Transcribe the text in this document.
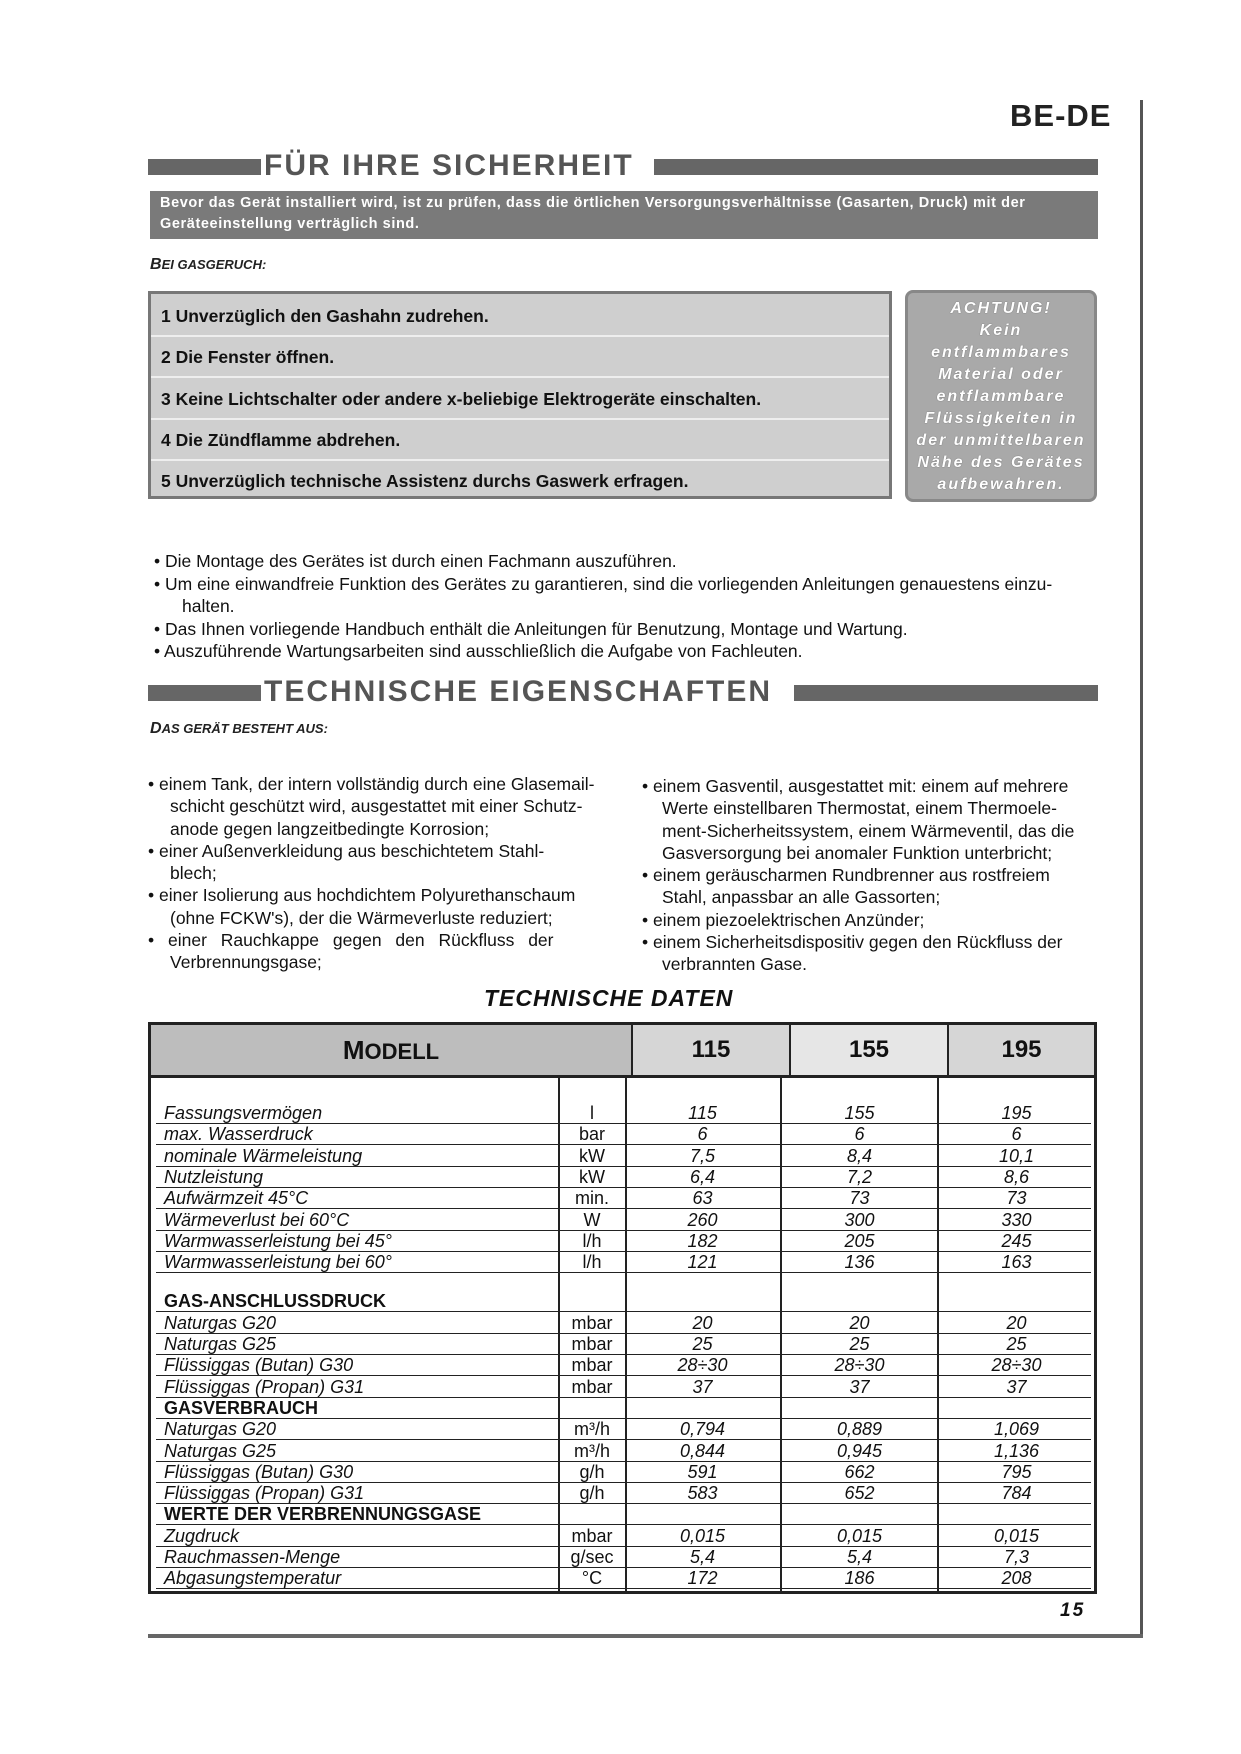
BE-DE
FÜR IHRE SICHERHEIT
Bevor das Gerät installiert wird, ist zu prüfen, dass die örtlichen Versorgungsverhältnisse (Gasarten, Druck) mit der
Geräteeinstellung verträglich sind.
BEI GASGERUCH:
1 Unverzüglich den Gashahn zudrehen.
2 Die Fenster öffnen.
3 Keine Lichtschalter oder andere x-beliebige Elektrogeräte einschalten.
4 Die Zündflamme abdrehen.
5 Unverzüglich technische Assistenz durchs Gaswerk erfragen.
ACHTUNG!
Kein
entflammbares
Material oder
entflammbare
Flüssigkeiten in
der unmittelbaren
Nähe des Gerätes
aufbewahren.
• Die Montage des Gerätes ist durch einen Fachmann auszuführen.
• Um eine einwandfreie Funktion des Gerätes zu garantieren, sind die vorliegenden Anleitungen genauestens einzu-
halten.
• Das Ihnen vorliegende Handbuch enthält die Anleitungen für Benutzung, Montage und Wartung.
• Auszuführende Wartungsarbeiten sind ausschließlich die Aufgabe von Fachleuten.
TECHNISCHE EIGENSCHAFTEN
DAS GERÄT BESTEHT AUS:
• einem Tank, der intern vollständig durch eine Glasemail-
schicht geschützt wird, ausgestattet mit einer Schutz-
anode gegen langzeitbedingte Korrosion;
• einer Außenverkleidung aus beschichtetem Stahl-
blech;
• einer Isolierung aus hochdichtem Polyurethanschaum
(ohne FCKW's), der die Wärmeverluste reduziert;
• einer Rauchkappe gegen den Rückfluss der
Verbrennungsgase;
• einem Gasventil, ausgestattet mit: einem auf mehrere
Werte einstellbaren Thermostat, einem Thermoele-
ment-Sicherheitssystem, einem Wärmeventil, das die
Gasversorgung bei anomaler Funktion unterbricht;
• einem geräuscharmen Rundbrenner aus rostfreiem
Stahl, anpassbar an alle Gassorten;
• einem piezoelektrischen Anzünder;
• einem Sicherheitsdispositiv gegen den Rückfluss der
verbrannten Gase.
TECHNISCHE DATEN
MODELL	115	155	195
Fassungsvermögen	l	115	155	195
max. Wasserdruck	bar	6	6	6
nominale Wärmeleistung	kW	7,5	8,4	10,1
Nutzleistung	kW	6,4	7,2	8,6
Aufwärmzeit 45°C	min.	63	73	73
Wärmeverlust bei 60°C	W	260	300	330
Warmwasserleistung bei 45°	l/h	182	205	245
Warmwasserleistung bei 60°	l/h	121	136	163
GAS-ANSCHLUSSDRUCK
Naturgas G20	mbar	20	20	20
Naturgas G25	mbar	25	25	25
Flüssiggas (Butan) G30	mbar	28÷30	28÷30	28÷30
Flüssiggas (Propan) G31	mbar	37	37	37
GASVERBRAUCH
Naturgas G20	m³/h	0,794	0,889	1,069
Naturgas G25	m³/h	0,844	0,945	1,136
Flüssiggas (Butan) G30	g/h	591	662	795
Flüssiggas (Propan) G31	g/h	583	652	784
WERTE DER VERBRENNUNGSGASE
Zugdruck	mbar	0,015	0,015	0,015
Rauchmassen-Menge	g/sec	5,4	5,4	7,3
Abgasungstemperatur	°C	172	186	208
15
